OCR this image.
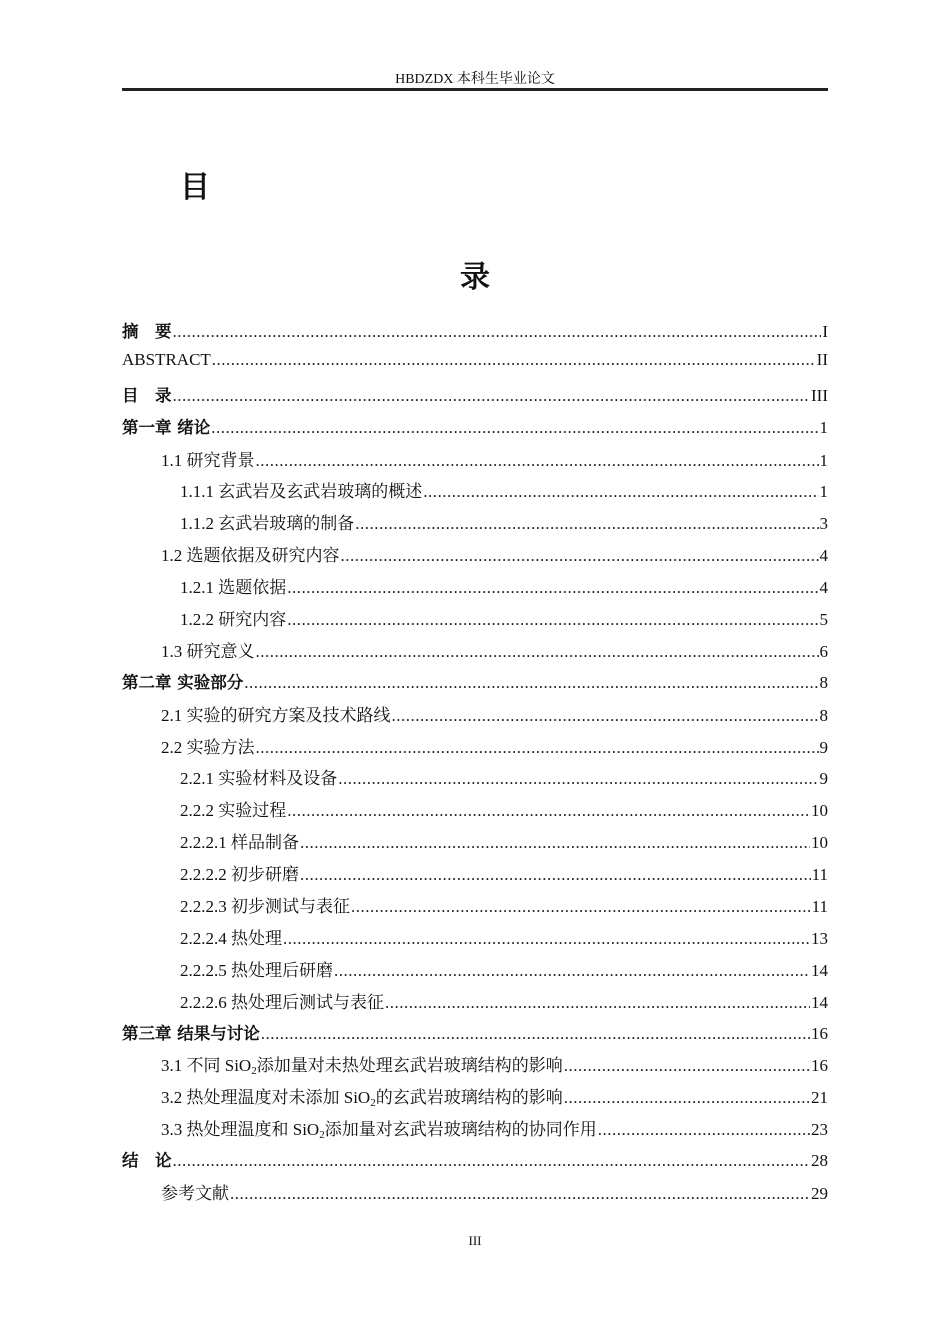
HBDZDX 本科生毕业论文
目
录
摘　要 .....	I
ABSTRACT .....	II
目　录 .....	III
第一章 绪论 .....	1
1.1 研究背景 .....	1
1.1.1 玄武岩及玄武岩玻璃的概述 .....	1
1.1.2 玄武岩玻璃的制备 .....	3
1.2 选题依据及研究内容 .....	4
1.2.1 选题依据 .....	4
1.2.2 研究内容 .....	5
1.3 研究意义 .....	6
第二章 实验部分 .....	8
2.1 实验的研究方案及技术路线 .....	8
2.2 实验方法 .....	9
2.2.1 实验材料及设备 .....	9
2.2.2 实验过程 .....	10
2.2.2.1 样品制备 .....	10
2.2.2.2 初步研磨 .....	11
2.2.2.3 初步测试与表征 .....	11
2.2.2.4 热处理 .....	13
2.2.2.5 热处理后研磨 .....	14
2.2.2.6 热处理后测试与表征 .....	14
第三章 结果与讨论 .....	16
3.1 不同 SiO$_2$添加量对未热处理玄武岩玻璃结构的影响 .....	16
3.2 热处理温度对未添加 SiO$_2$的玄武岩玻璃结构的影响 .....	21
3.3 热处理温度和 SiO$_2$添加量对玄武岩玻璃结构的协同作用 .....	23
结　论 .....	28
参考文献 .....	29
III
